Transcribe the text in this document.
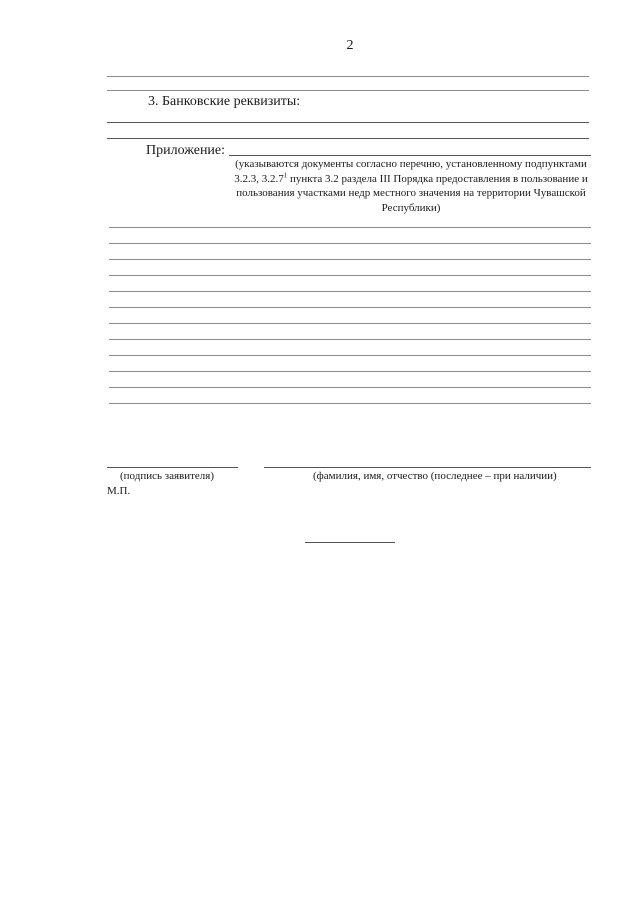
2
3. Банковские реквизиты:
Приложение:
(указываются документы согласно перечню, установленному подпунктами 3.2.3, 3.2.7$^1$ пункта 3.2 раздела III Порядка предоставления в пользование и пользования участками недр местного значения на территории Чувашской Республики)
(подпись заявителя)	(фамилия, имя, отчество (последнее – при наличии)
М.П.
